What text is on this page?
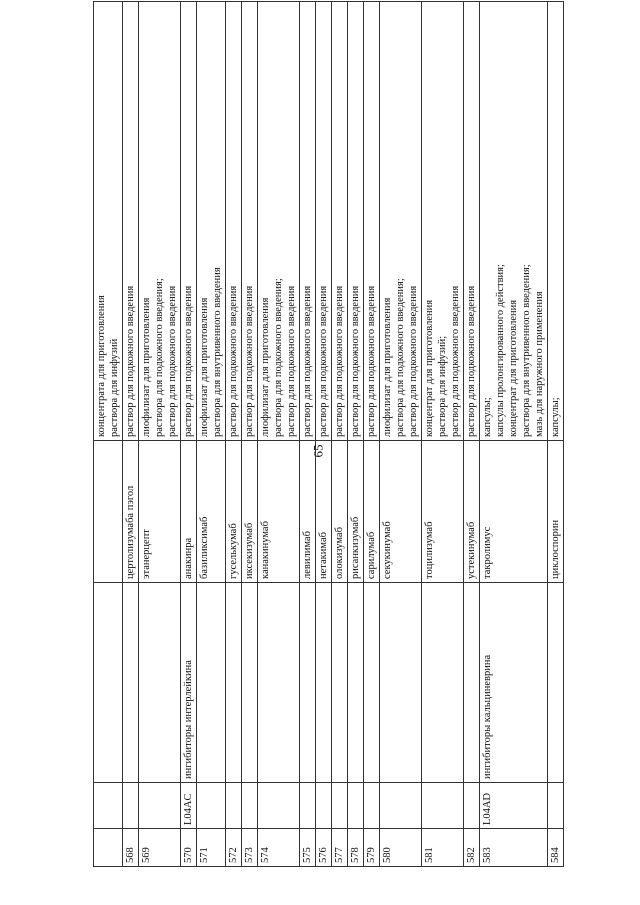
65

				концентрата для приготовления раствора для инфузий

568			цертолизумаба пэгол	раствор для подкожного введения

569			этанерцепт	лиофилизат для приготовления раствора для подкожного введения; раствор для подкожного введения

570	L04AC	ингибиторы интерлейкина	анакинра	раствор для подкожного введения

571			базиликсимаб	лиофилизат для приготовления раствора для внутривенного введения

572			гуселькумаб	раствор для подкожного введения

573			иксекизумаб	раствор для подкожного введения

574			канакинумаб	лиофилизат для приготовления раствора для подкожного введения; раствор для подкожного введения

575			левилимаб	раствор для подкожного введения

576			нетакимаб	раствор для подкожного введения

577			олокизумаб	раствор для подкожного введения

578			рисанкизумаб	раствор для подкожного введения

579			сарилумаб	раствор для подкожного введения

580			секукинумаб	лиофилизат для приготовления раствора для подкожного введения; раствор для подкожного введения

581			тоцилизумаб	концентрат для приготовления раствора для инфузий; раствор для подкожного введения

582			устекинумаб	раствор для подкожного введения

583	L04AD	ингибиторы кальциневрина	такролимус	капсулы; капсулы пролонгированного действия; концентрат для приготовления раствора для внутривенного введения; мазь для наружного применения

584			циклоспорин	капсулы;
